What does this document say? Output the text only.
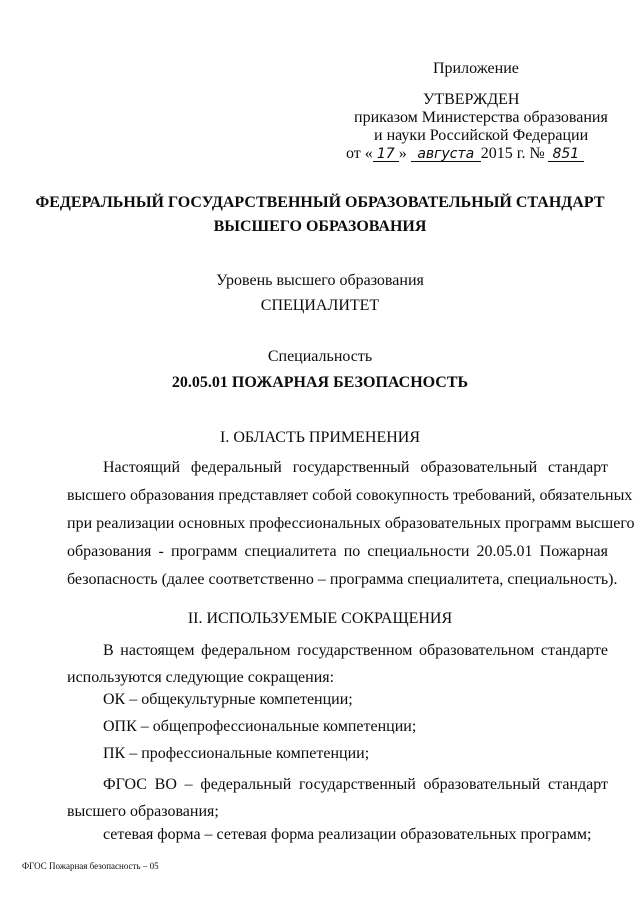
Приложение
УТВЕРЖДЕН
приказом Министерства образования
и науки Российской Федерации
от « 17 » августа 2015 г. № 851
ФЕДЕРАЛЬНЫЙ ГОСУДАРСТВЕННЫЙ ОБРАЗОВАТЕЛЬНЫЙ СТАНДАРТ
ВЫСШЕГО ОБРАЗОВАНИЯ
Уровень высшего образования
СПЕЦИАЛИТЕТ
Специальность
20.05.01 ПОЖАРНАЯ БЕЗОПАСНОСТЬ
I. ОБЛАСТЬ ПРИМЕНЕНИЯ
Настоящий федеральный государственный образовательный стандарт
высшего образования представляет собой совокупность требований, обязательных
при реализации основных профессиональных образовательных программ высшего
образования - программ специалитета по специальности 20.05.01 Пожарная
безопасность (далее соответственно – программа специалитета, специальность).
II. ИСПОЛЬЗУЕМЫЕ СОКРАЩЕНИЯ
В настоящем федеральном государственном образовательном стандарте
используются следующие сокращения:
ОК – общекультурные компетенции;
ОПК – общепрофессиональные компетенции;
ПК – профессиональные компетенции;
ФГОС ВО – федеральный государственный образовательный стандарт
высшего образования;
сетевая форма – сетевая форма реализации образовательных программ;
ФГОС Пожарная безопасность – 05
